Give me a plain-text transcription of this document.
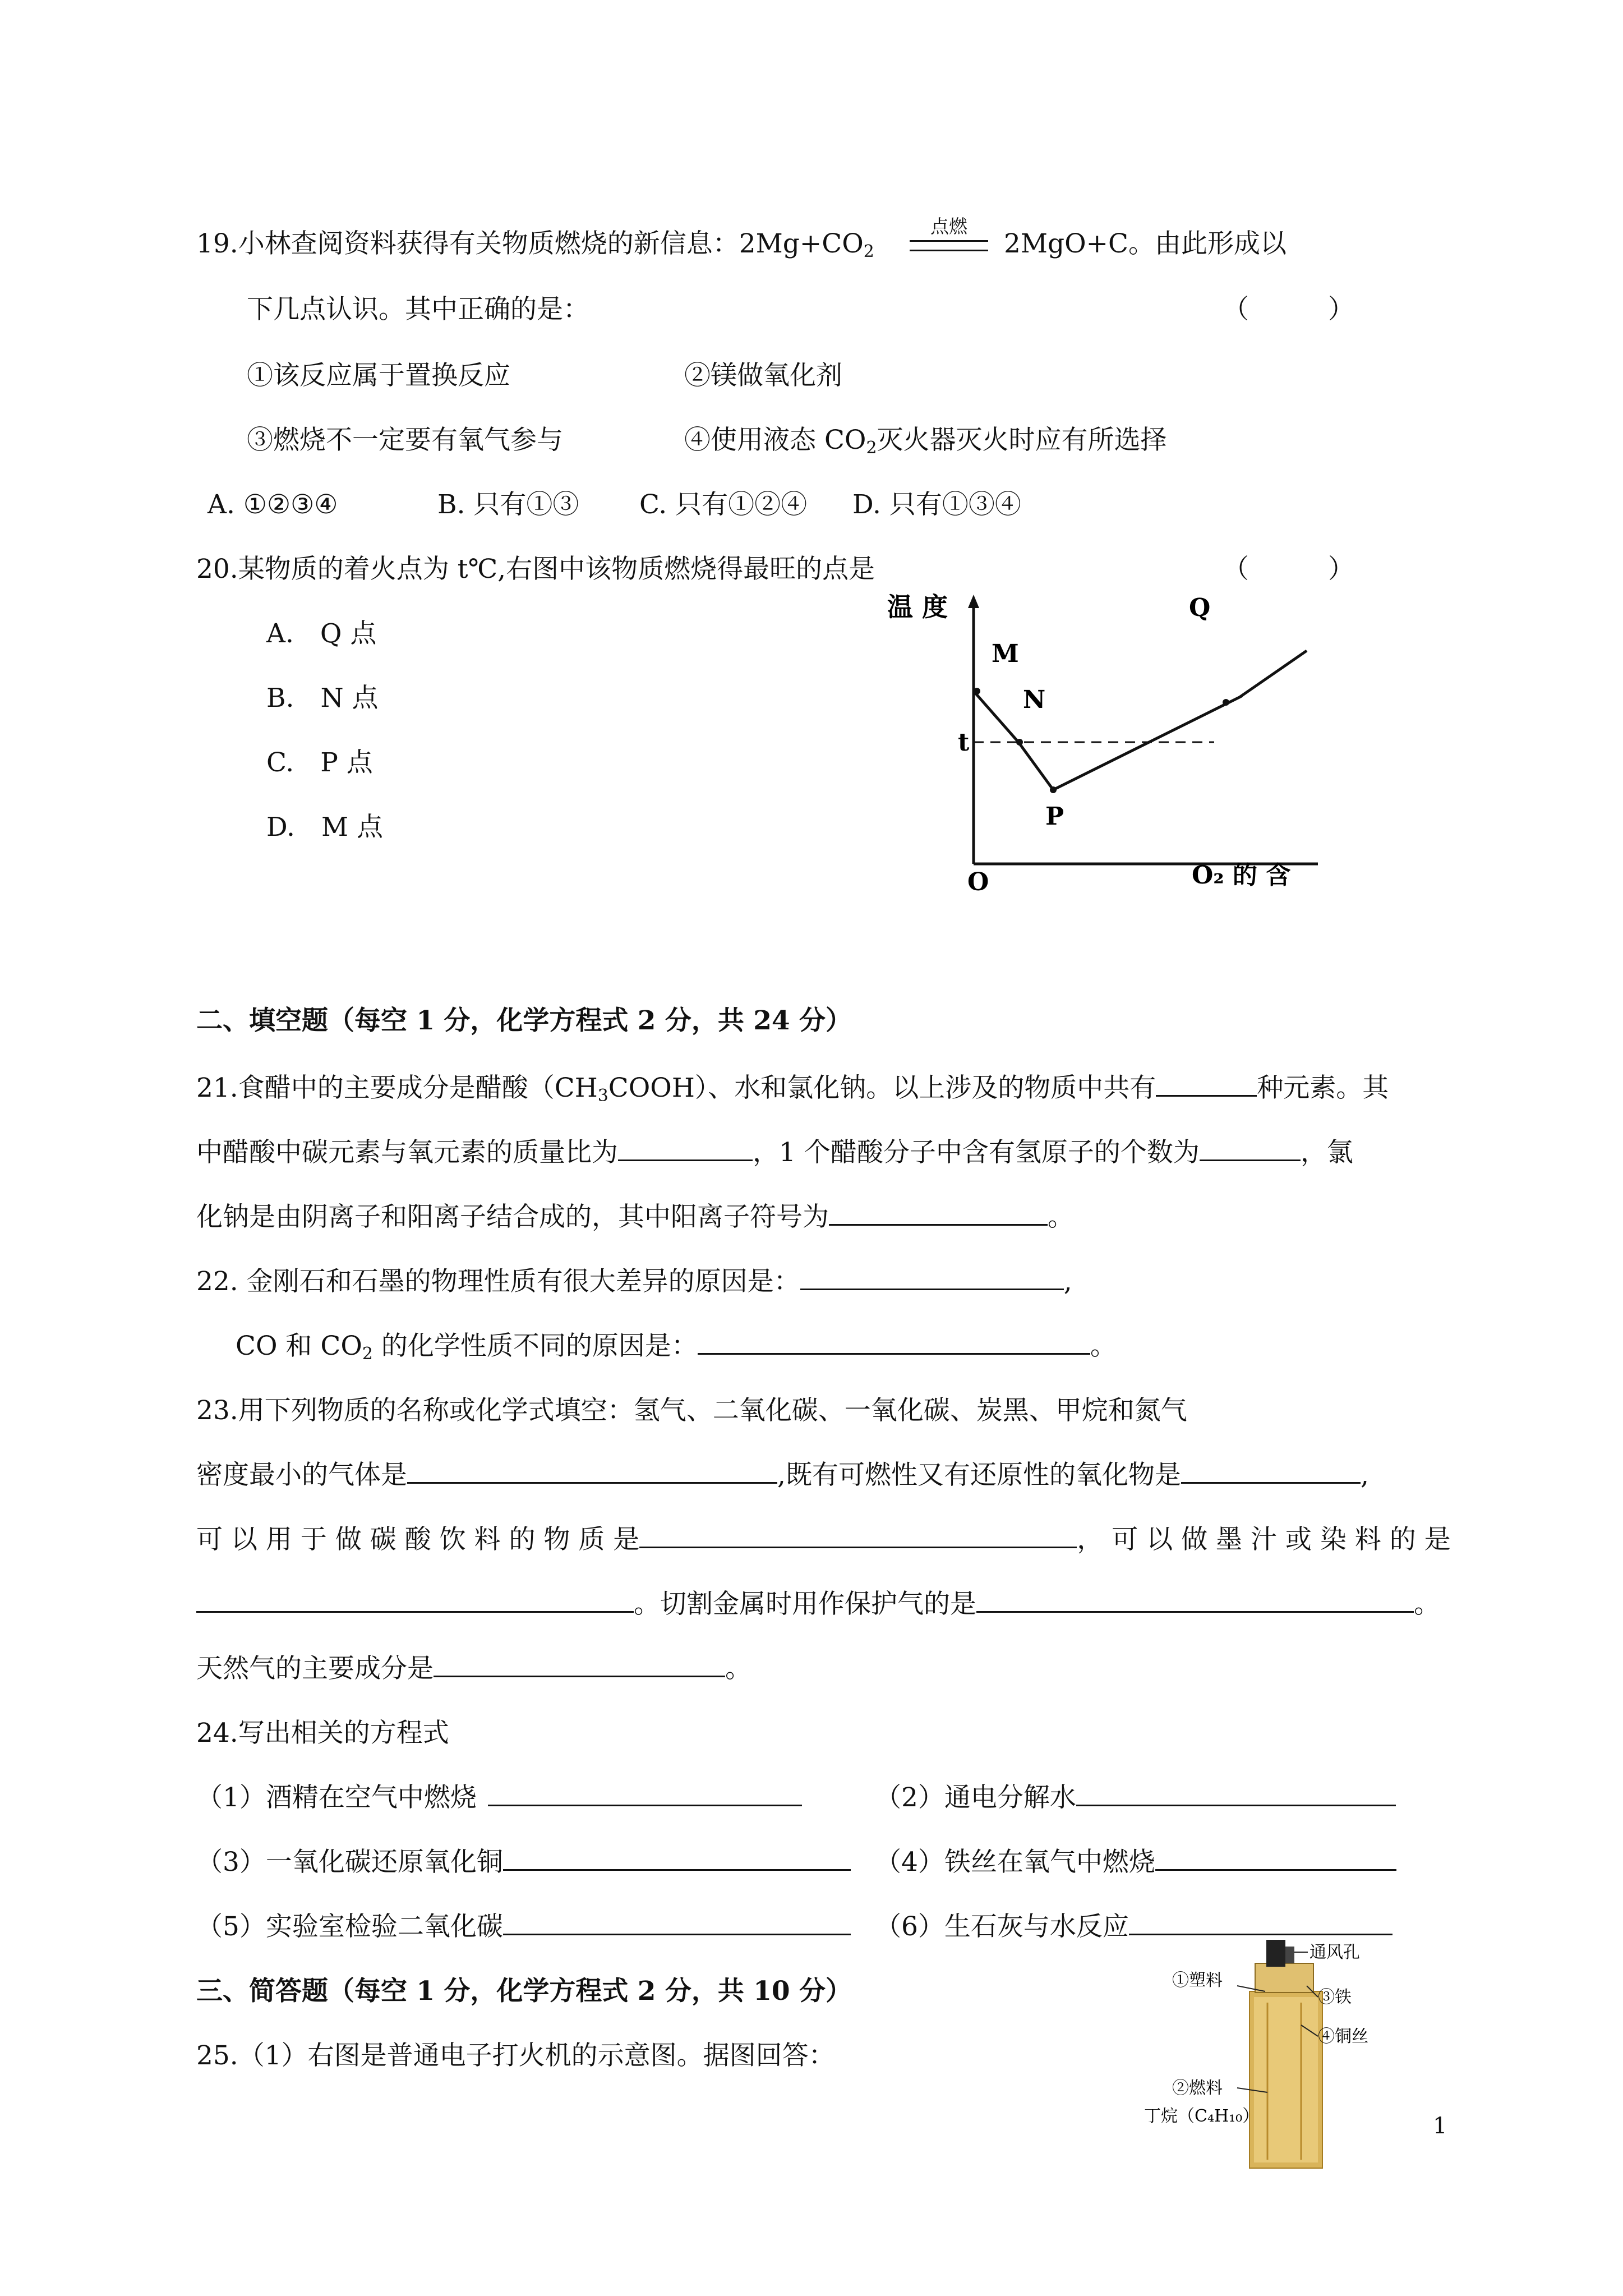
19.小林查阅资料获得有关物质燃烧的新信息：$2Mg+CO_2$
点燃
2MgO+C。由此形成以
下几点认识。其中正确的是：	（　　　）
①该反应属于置换反应	②镁做氧化剂
③燃烧不一定要有氧气参与	④使用液态 $CO_2$灭火器灭火时应有所选择
A. ①②③④	B. 只有①③ C. 只有①②④ D. 只有①③④
20.某物质的着火点为 t℃,右图中该物质燃烧得最旺的点是	（　　　）
A.　Q 点
B.　N 点
C.　P 点
D.　M 点
温 度
M
N
P
Q
t
O	O₂ 的 含
二、填空题（每空 1 分，化学方程式 2 分，共 24 分）
21.食醋中的主要成分是醋酸$(CH_3COOH)$、水和氯化钠。以上涉及的物质中共有	种元素。其
中醋酸中碳元素与氧元素的质量比为	，1 个醋酸分子中含有氢原子的个数为	，氯
化钠是由阴离子和阳离子结合成的，其中阳离子符号为	。
22. 金刚石和石墨的物理性质有很大差异的原因是：	,
CO 和 $CO_2$ 的化学性质不同的原因是：	。
23.用下列物质的名称或化学式填空：氢气、二氧化碳、一氧化碳、炭黑、甲烷和氮气
密度最小的气体是	,既有可燃性又有还原性的氧化物是	,
可 以 用 于 做 碳 酸 饮 料 的 物 质 是	， 可 以 做 墨 汁 或 染 料 的 是
。切割金属时用作保护气的是	。
天然气的主要成分是	。
24.写出相关的方程式
（1）酒精在空气中燃烧	（2）通电分解水
（3）一氧化碳还原氧化铜	（4）铁丝在氧气中燃烧
（5）实验室检验二氧化碳	（6）生石灰与水反应
三、简答题（每空 1 分，化学方程式 2 分，共 10 分）
25.（1）右图是普通电子打火机的示意图。据图回答：
通风孔
①塑料
③铁
④铜丝
②燃料
丁烷（C₄H₁₀）	1
